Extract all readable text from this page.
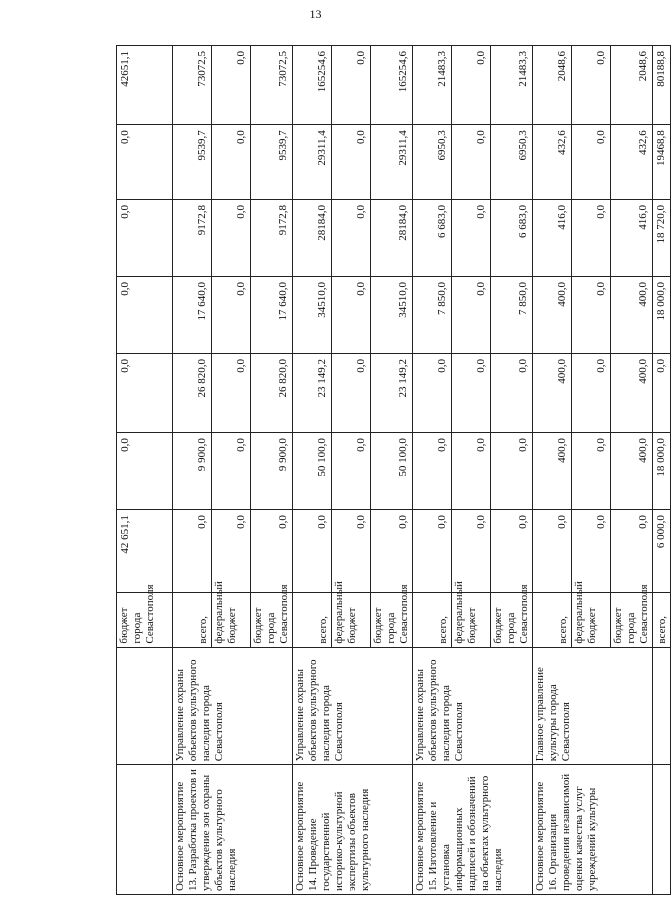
13
		бюджет города Севастополя	42 651,1	0,0	0,0	0,0	0,0	0,0	42651,1
Основное мероприятие 13. Разработка проектов и утверждение зон охраны объектов культурного наследия	Управление охраны объектов культурного наследия города Севастополя	всего,	0,0	9 900,0	26 820,0	17 640,0	9172,8	9539,7	73072,5
		федеральный бюджет	0,0	0,0	0,0	0,0	0,0	0,0	0,0
		бюджет города Севастополя	0,0	9 900,0	26 820,0	17 640,0	9172,8	9539,7	73072,5
Основное мероприятие 14. Проведение государственной историко-культурной экспертизы объектов культурного наследия	Управление охраны объектов культурного наследия города Севастополя	всего,	0,0	50 100,0	23 149,2	34510,0	28184,0	29311,4	165254,6
		федеральный бюджет	0,0	0,0	0,0	0,0	0,0	0,0	0,0
		бюджет города Севастополя	0,0	50 100,0	23 149,2	34510,0	28184,0	29311,4	165254,6
Основное мероприятие 15. Изготовление и установка информационных надписей и обозначений на объектах культурного наследия	Управление охраны объектов культурного наследия города Севастополя	всего,	0,0	0,0	0,0	7 850,0	6 683,0	6950,3	21483,3
		федеральный бюджет	0,0	0,0	0,0	0,0	0,0	0,0	0,0
		бюджет города Севастополя	0,0	0,0	0,0	7 850,0	6 683,0	6950,3	21483,3
Основное мероприятие 16. Организация проведения независимой оценки качества услуг учреждений культуры	Главное управление культуры города Севастополя	всего,	0,0	400,0	400,0	400,0	416,0	432,6	2048,6
		федеральный бюджет	0,0	0,0	0,0	0,0	0,0	0,0	0,0
		бюджет города Севастополя	0,0	400,0	400,0	400,0	416,0	432,6	2048,6
		всего,	6 000,0	18 000,0	0,0	18 000,0	18 720,0	19468,8	80188,8
